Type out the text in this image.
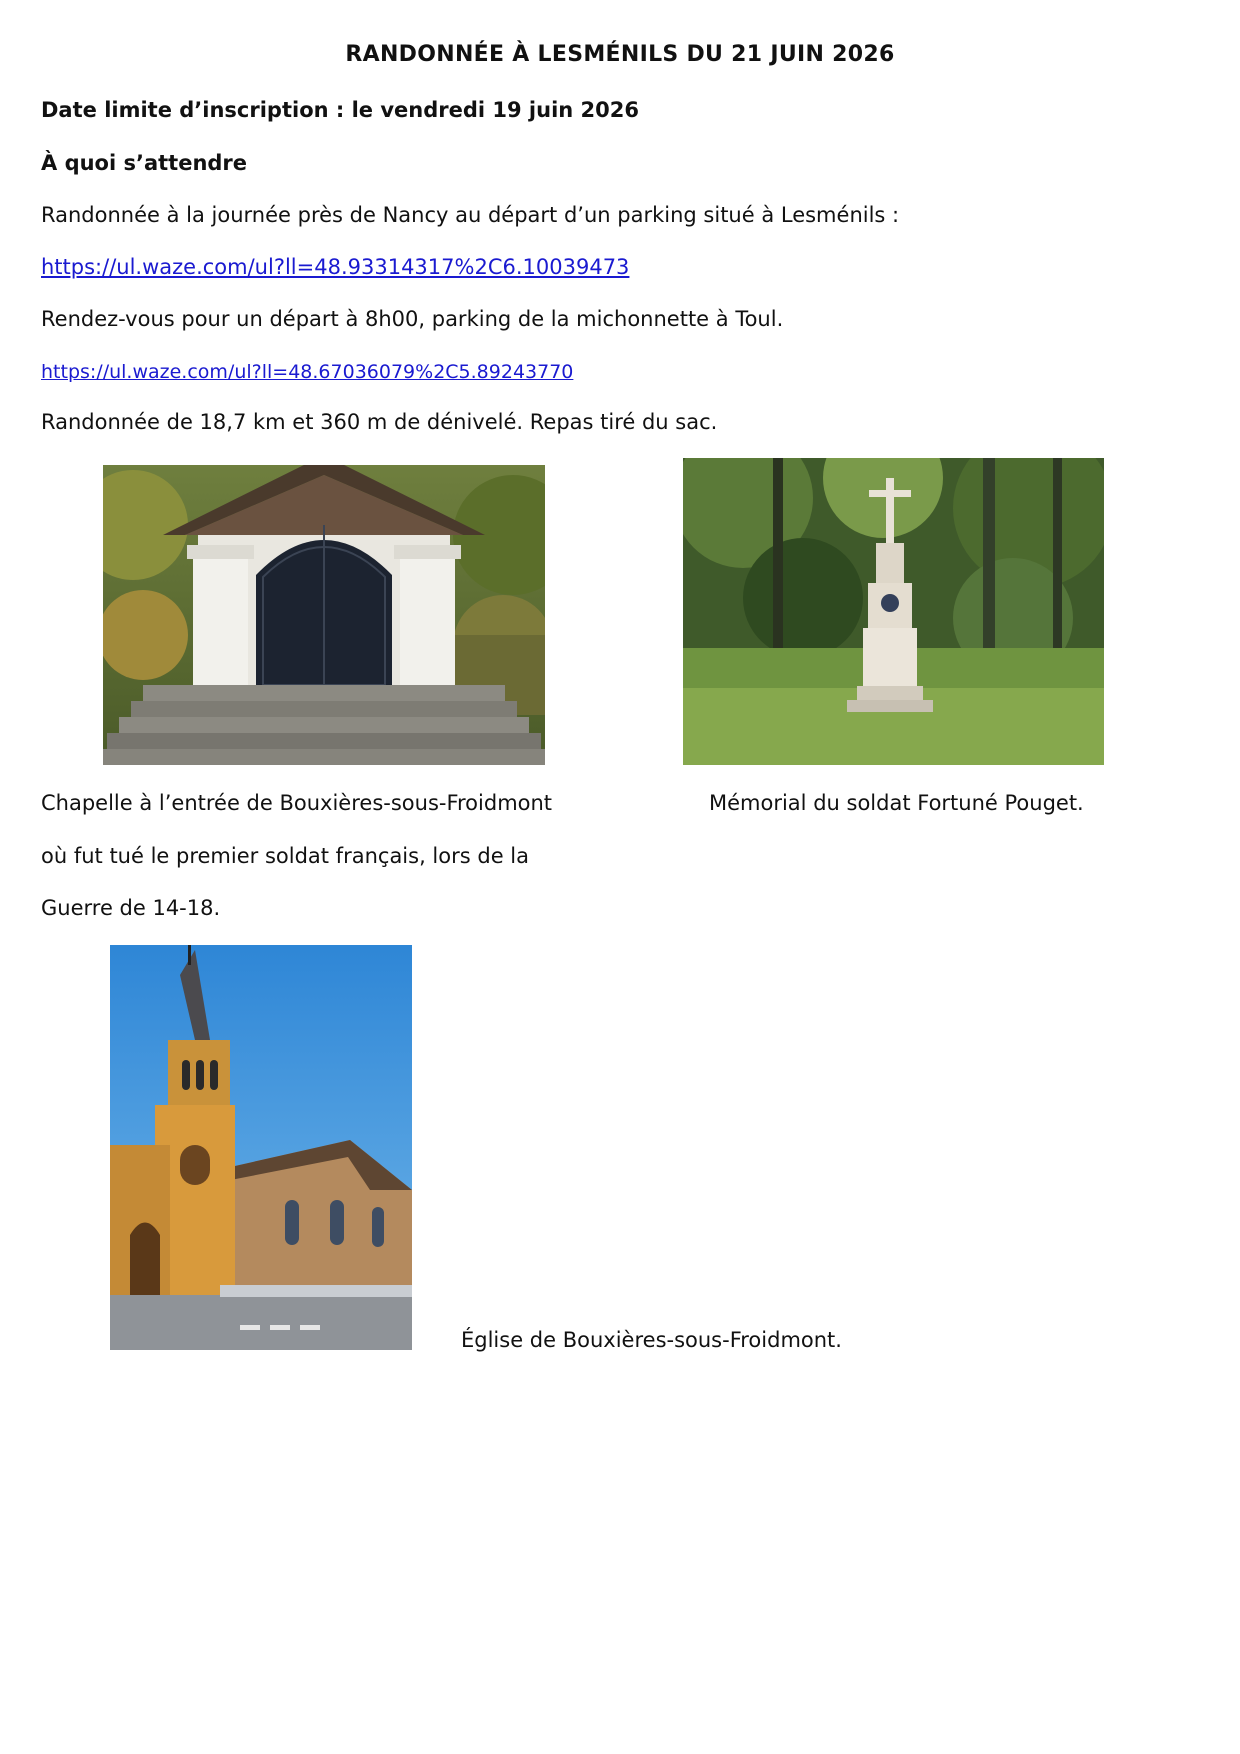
RANDONNÉE À LESMÉNILS DU 21 JUIN 2026
Date limite d’inscription : le vendredi 19 juin 2026
À quoi s’attendre
Randonnée à la journée près de Nancy au départ d’un parking situé à Lesménils :
https://ul.waze.com/ul?ll=48.93314317%2C6.10039473
Rendez-vous pour un départ à 8h00, parking de la michonnette à Toul.
https://ul.waze.com/ul?ll=48.67036079%2C5.89243770
Randonnée de 18,7 km et 360 m de dénivelé. Repas tiré du sac.
Chapelle à l’entrée de Bouxières-sous-Froidmont	Mémorial du soldat Fortuné Pouget.
où fut tué le premier soldat français, lors de la
Guerre de 14-18.
Église de Bouxières-sous-Froidmont.
